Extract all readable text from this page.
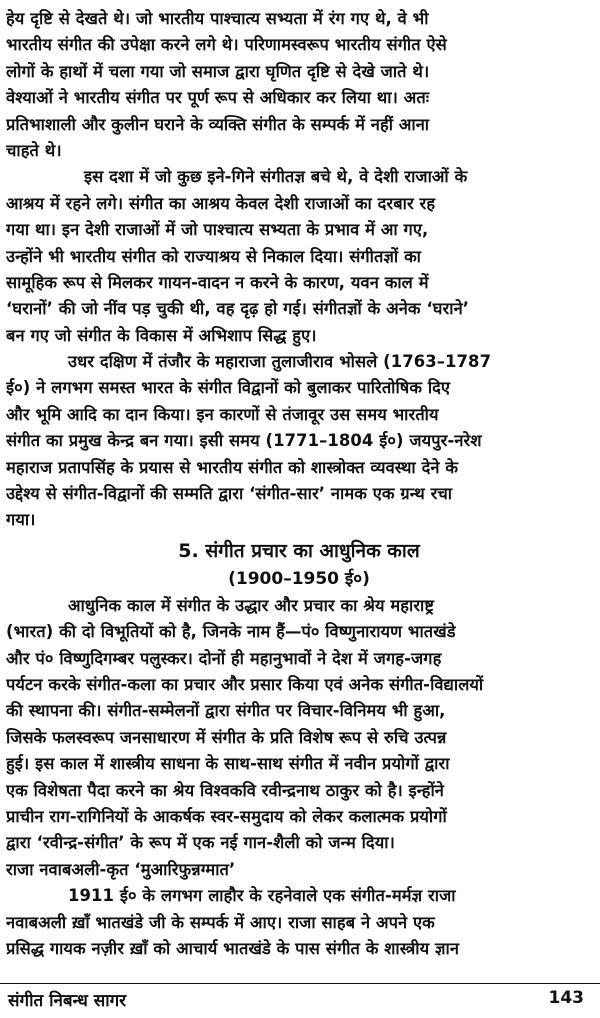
हेय दृष्टि से देखते थे। जो भारतीय पाश्चात्य सभ्यता में रंग गए थे, वे भी
भारतीय संगीत की उपेक्षा करने लगे थे। परिणामस्वरूप भारतीय संगीत ऐसे
लोगों के हाथों में चला गया जो समाज द्वारा घृणित दृष्टि से देखे जाते थे।
वेश्याओं ने भारतीय संगीत पर पूर्ण रूप से अधिकार कर लिया था। अतः
प्रतिभाशाली और कुलीन घराने के व्यक्ति संगीत के सम्पर्क में नहीं आना
चाहते थे।
इस दशा में जो कुछ इने-गिने संगीतज्ञ बचे थे, वे देशी राजाओं के
आश्रय में रहने लगे। संगीत का आश्रय केवल देशी राजाओं का दरबार रह
गया था। इन देशी राजाओं में जो पाश्चात्य सभ्यता के प्रभाव में आ गए,
उन्होंने भी भारतीय संगीत को राज्याश्रय से निकाल दिया। संगीतज्ञों का
सामूहिक रूप से मिलकर गायन-वादन न करने के कारण, यवन काल में
‘घरानों’ की जो नींव पड़ चुकी थी, वह दृढ़ हो गई। संगीतज्ञों के अनेक ‘घराने’
बन गए जो संगीत के विकास में अभिशाप सिद्ध हुए।
उधर दक्षिण में तंजौर के महाराजा तुलाजीराव भोसले (1763–1787
ई०) ने लगभग समस्त भारत के संगीत विद्वानों को बुलाकर पारितोषिक दिए
और भूमि आदि का दान किया। इन कारणों से तंजावूर उस समय भारतीय
संगीत का प्रमुख केन्द्र बन गया। इसी समय (1771–1804 ई०) जयपुर-नरेश
महाराज प्रतापसिंह के प्रयास से भारतीय संगीत को शास्त्रोक्त व्यवस्था देने के
उद्देश्य से संगीत-विद्वानों की सम्मति द्वारा ‘संगीत-सार’ नामक एक ग्रन्थ रचा
गया।
5. संगीत प्रचार का आधुनिक काल
(1900–1950 ई०)
आधुनिक काल में संगीत के उद्धार और प्रचार का श्रेय महाराष्ट्र
(भारत) की दो विभूतियों को है, जिनके नाम हैं—पं० विष्णुनारायण भातखंडे
और पं० विष्णुदिगम्बर पलुस्कर। दोनों ही महानुभावों ने देश में जगह-जगह
पर्यटन करके संगीत-कला का प्रचार और प्रसार किया एवं अनेक संगीत-विद्यालयों
की स्थापना की। संगीत-सम्मेलनों द्वारा संगीत पर विचार-विनिमय भी हुआ,
जिसके फलस्वरूप जनसाधारण में संगीत के प्रति विशेष रूप से रुचि उत्पन्न
हुई। इस काल में शास्त्रीय साधना के साथ-साथ संगीत में नवीन प्रयोगों द्वारा
एक विशेषता पैदा करने का श्रेय विश्वकवि रवीन्द्रनाथ ठाकुर को है। इन्होंने
प्राचीन राग-रागिनियों के आकर्षक स्वर-समुदाय को लेकर कलात्मक प्रयोगों
द्वारा ‘रवीन्द्र-संगीत’ के रूप में एक नई गान-शैली को जन्म दिया।
राजा नवाबअली-कृत ‘मुआरिफुन्नग्मात’
1911 ई० के लगभग लाहौर के रहनेवाले एक संगीत-मर्मज्ञ राजा
नवाबअली ख़ाँ भातखंडे जी के सम्पर्क में आए। राजा साहब ने अपने एक
प्रसिद्ध गायक नज़ीर ख़ाँ को आचार्य भातखंडे के पास संगीत के शास्त्रीय ज्ञान
संगीत निबन्ध सागर	143
